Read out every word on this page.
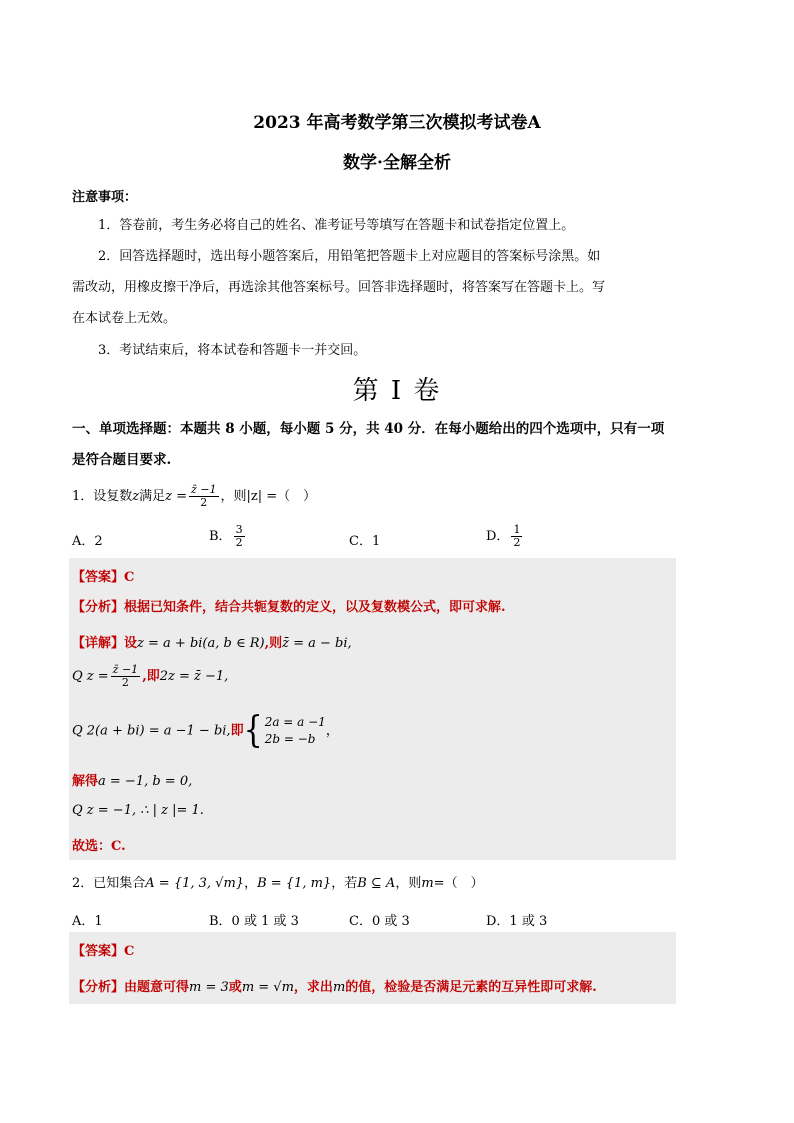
2023 年高考数学第三次模拟考试卷A
数学·全解全析
注意事项：
1．答卷前，考生务必将自己的姓名、准考证号等填写在答题卡和试卷指定位置上。
2．回答选择题时，选出每小题答案后，用铅笔把答题卡上对应题目的答案标号涂黑。如
需改动，用橡皮擦干净后，再选涂其他答案标号。回答非选择题时，将答案写在答题卡上。写
在本试卷上无效。
3．考试结束后，将本试卷和答题卡一并交回。
第 I 卷
一、单项选择题：本题共 8 小题，每小题 5 分，共 40 分．在每小题给出的四个选项中，只有一项
是符合题目要求.
1．设复数z满足$z = \frac{z̄ -1}{2}$ ，则|z| =（　）
A．2	B． $\frac{3}{2}$	C．1	D． $\frac{1}{2}$
【答案】C
【分析】根据已知条件，结合共轭复数的定义，以及复数模公式，即可求解.
【详解】设z = a + bi(a, b ∈ R),则z̄ = a − bi,
Q $z = \frac{z̄ -1}{2}$ ,即2z = z̄ −1,
Q 2(a + bi) = a −1 − bi,即{ 2a = a −1
2b = −b
，
解得a = −1, b = 0,
Q z = −1, ∴ | z |= 1.
故选：C.
2．已知集合A = {1, 3, √m}，B = {1, m}，若B ⊆ A，则m=（　）
A．1	B．0 或 1 或 3	C．0 或 3	D．1 或 3
【答案】C
【分析】由题意可得m = 3或m = √m，求出m的值，检验是否满足元素的互异性即可求解.
